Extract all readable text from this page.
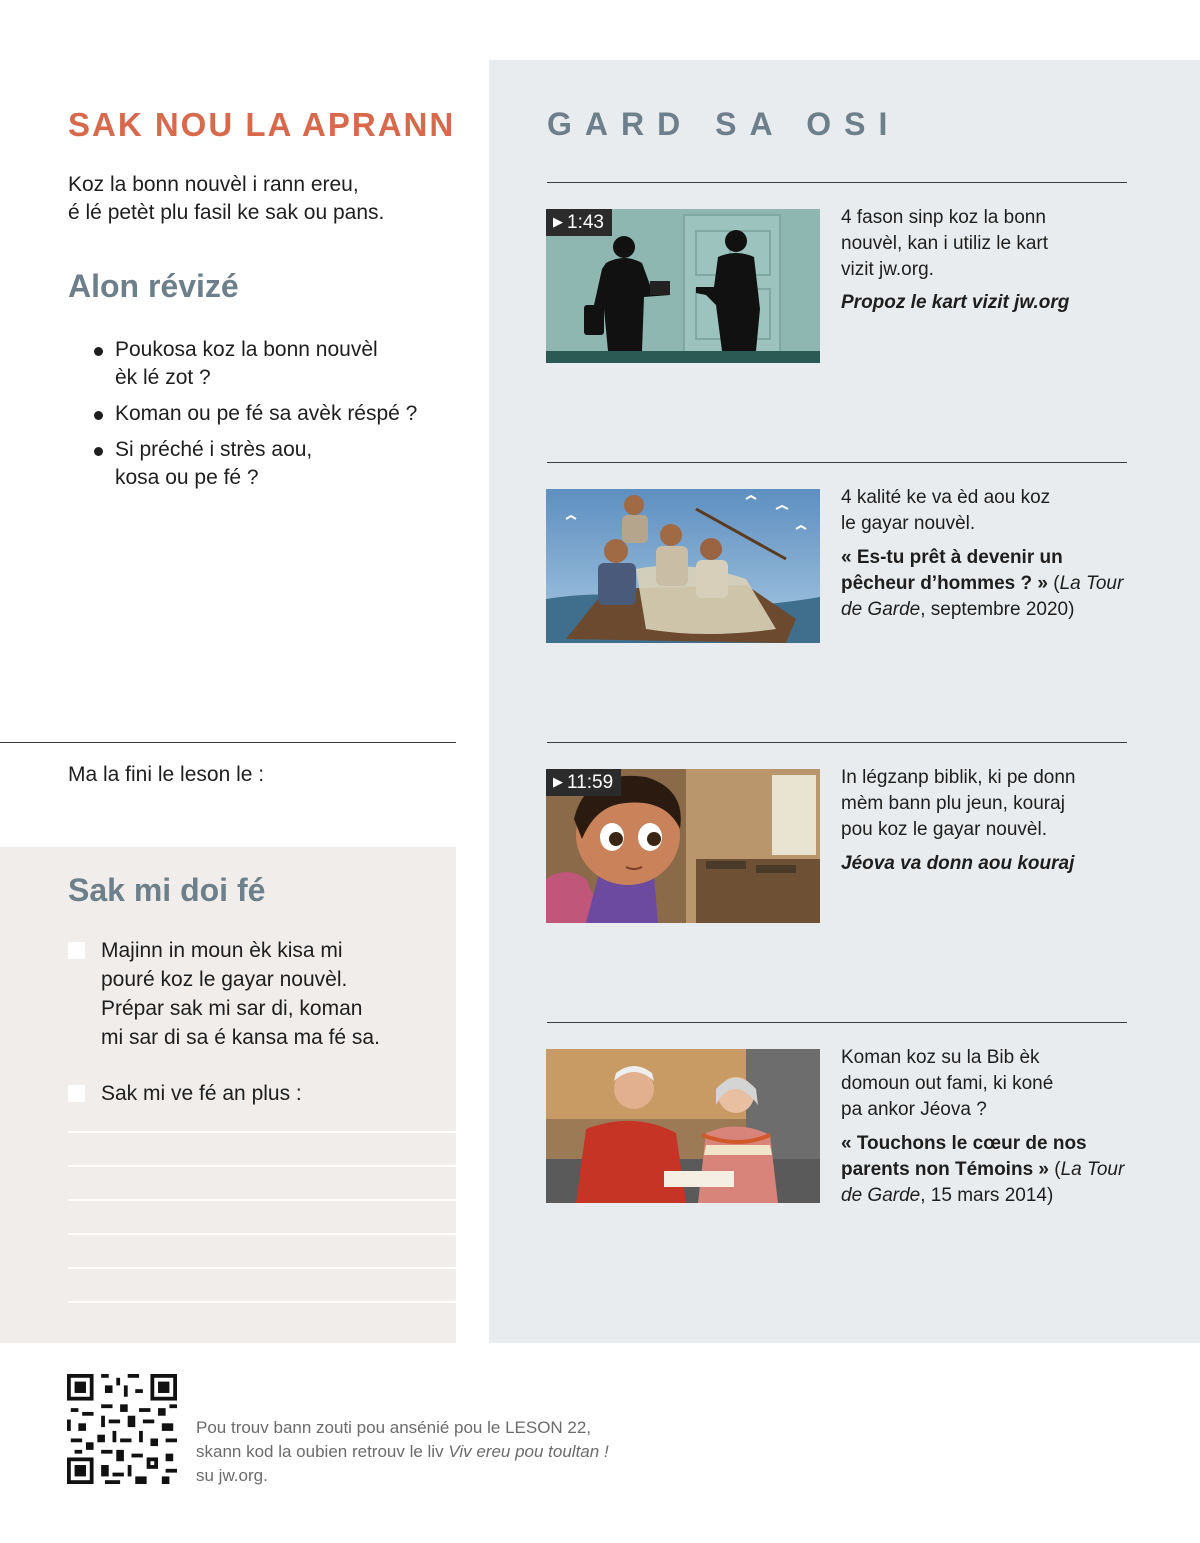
SAK NOU LA APRANN
Koz la bonn nouvèl i rann ereu,
é lé petèt plu fasil ke sak ou pans.
Alon révizé
Poukosa koz la bonn nouvèl
èk lé zot ?
Koman ou pe fé sa avèk réspé ?
Si préché i strès aou,
kosa ou pe fé ?
Ma la fini le leson le :
Sak mi doi fé
Majinn in moun èk kisa mi
pouré koz le gayar nouvèl.
Prépar sak mi sar di, koman
mi sar di sa é kansa ma fé sa.
Sak mi ve fé an plus :
GARD SA OSI
▶ 1:43	4 fason sinp koz la bonn
nouvèl, kan i utiliz le kart
vizit jw.org.
Propoz le kart vizit jw.org
4 kalité ke va èd aou koz
le gayar nouvèl.
« Es-tu prêt à devenir un
pêcheur d’hommes ? » (La Tour
de Garde, septembre 2020)
▶ 11:59	In légzanp biblik, ki pe donn
mèm bann plu jeun, kouraj
pou koz le gayar nouvèl.
Jéova va donn aou kouraj
Koman koz su la Bib èk
domoun out fami, ki koné
pa ankor Jéova ?
« Touchons le cœur de nos
parents non Témoins » (La Tour
de Garde, 15 mars 2014)
Pou trouv bann zouti pou ansénié pou le LESON 22,
skann kod la oubien retrouv le liv Viv ereu pou toultan !
su jw.org.
